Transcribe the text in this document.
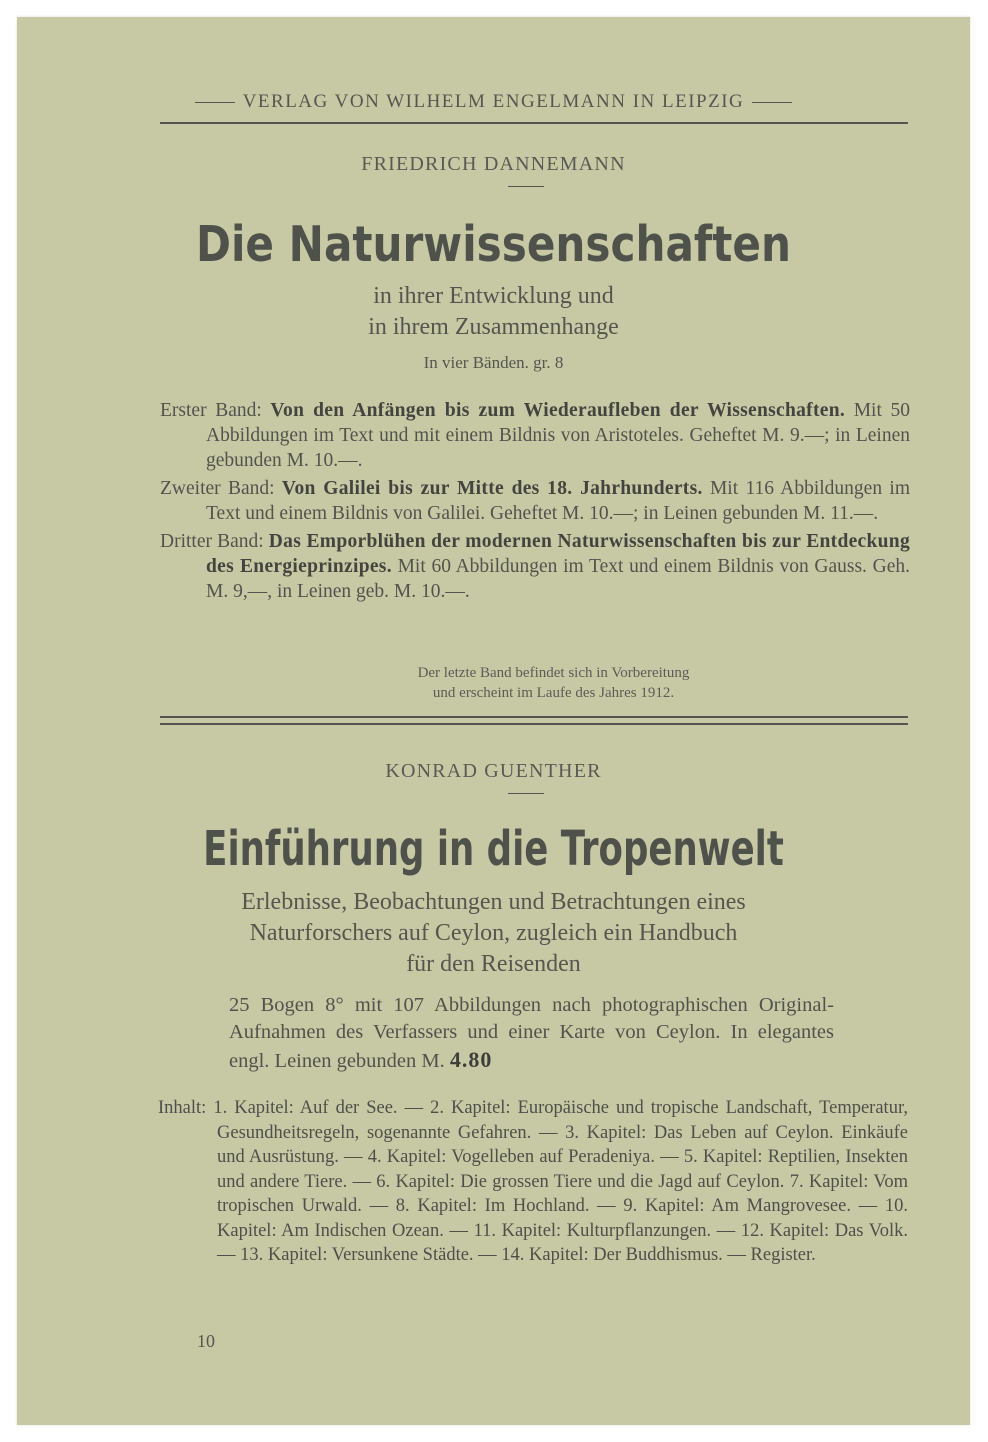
VERLAG VON WILHELM ENGELMANN IN LEIPZIG
FRIEDRICH DANNEMANN
Die Naturwissenschaften
in ihrer Entwicklung und
in ihrem Zusammenhange
In vier Bänden. gr. 8
Erster Band: Von den Anfängen bis zum Wiederaufleben der Wissenschaften. Mit 50 Abbildungen im Text und mit einem Bildnis von Aristoteles. Geheftet M. 9.—; in Leinen gebunden M. 10.—.
Zweiter Band: Von Galilei bis zur Mitte des 18. Jahrhunderts. Mit 116 Abbildungen im Text und einem Bildnis von Galilei. Geheftet M. 10.—; in Leinen gebunden M. 11.—.
Dritter Band: Das Emporblühen der modernen Naturwissenschaften bis zur Entdeckung des Energieprinzipes. Mit 60 Abbildungen im Text und einem Bildnis von Gauss. Geh. M. 9,—, in Leinen geb. M. 10.—.
Der letzte Band befindet sich in Vorbereitung
und erscheint im Laufe des Jahres 1912.
KONRAD GUENTHER
Einführung in die Tropenwelt
Erlebnisse, Beobachtungen und Betrachtungen eines
Naturforschers auf Ceylon, zugleich ein Handbuch
für den Reisenden
25 Bogen 8° mit 107 Abbildungen nach photographischen Original-Aufnahmen des Verfassers und einer Karte von Ceylon. In elegantes engl. Leinen gebunden M. 4.80
Inhalt: 1. Kapitel: Auf der See. — 2. Kapitel: Europäische und tropische Landschaft, Temperatur, Gesundheitsregeln, sogenannte Gefahren. — 3. Kapitel: Das Leben auf Ceylon. Einkäufe und Ausrüstung. — 4. Kapitel: Vogelleben auf Peradeniya. — 5. Kapitel: Reptilien, Insekten und andere Tiere. — 6. Kapitel: Die grossen Tiere und die Jagd auf Ceylon. 7. Kapitel: Vom tropischen Urwald. — 8. Kapitel: Im Hochland. — 9. Kapitel: Am Mangrovesee. — 10. Kapitel: Am Indischen Ozean. — 11. Kapitel: Kulturpflanzungen. — 12. Kapitel: Das Volk. — 13. Kapitel: Versunkene Städte. — 14. Kapitel: Der Buddhismus. — Register.
10
